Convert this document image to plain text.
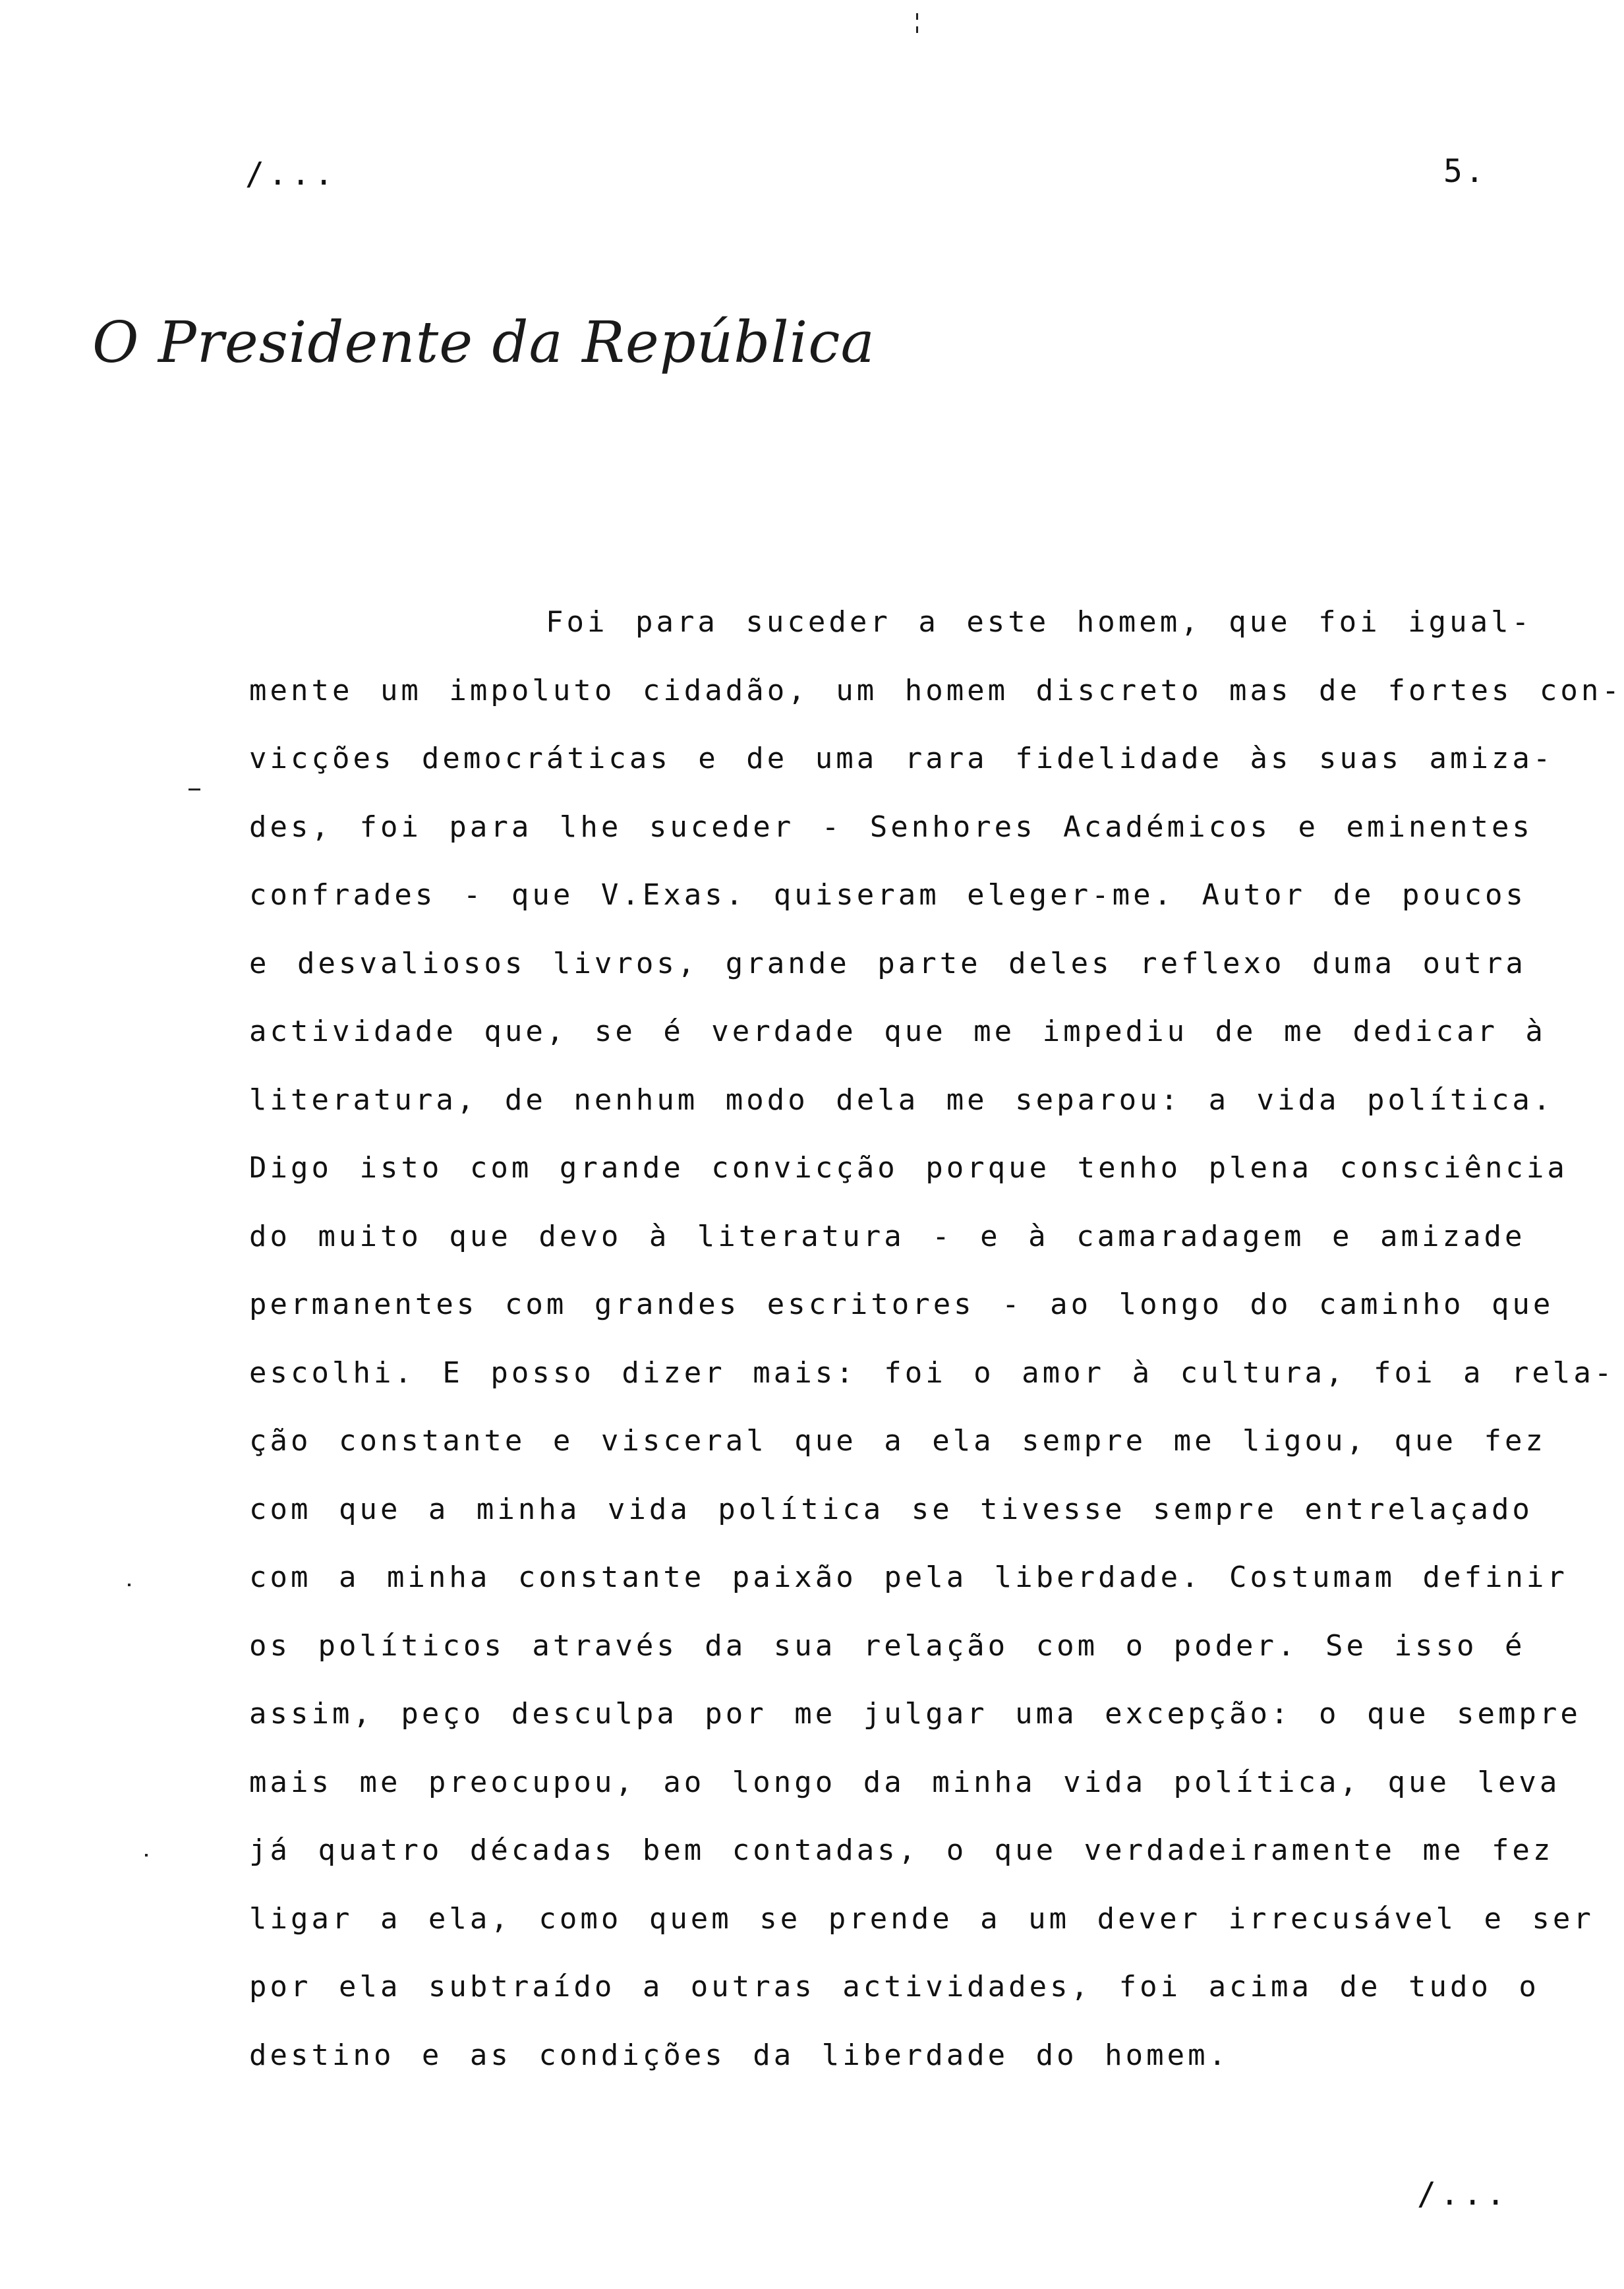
/...	5.
O Presidente da República
Foi para suceder a este homem, que foi igual-
mente um impoluto cidadão, um homem discreto mas de fortes con-
vicções democráticas e de uma rara fidelidade às suas amiza-
des, foi para lhe suceder - Senhores Académicos e eminentes
confrades - que V.Exas. quiseram eleger-me. Autor de poucos
e desvaliosos livros, grande parte deles reflexo duma outra
actividade que, se é verdade que me impediu de me dedicar à
literatura, de nenhum modo dela me separou: a vida política.
Digo isto com grande convicção porque tenho plena consciência
do muito que devo à literatura - e à camaradagem e amizade
permanentes com grandes escritores - ao longo do caminho que
escolhi. E posso dizer mais: foi o amor à cultura, foi a rela-
ção constante e visceral que a ela sempre me ligou, que fez
com que a minha vida política se tivesse sempre entrelaçado
com a minha constante paixão pela liberdade. Costumam definir
os políticos através da sua relação com o poder. Se isso é
assim, peço desculpa por me julgar uma excepção: o que sempre
mais me preocupou, ao longo da minha vida política, que leva
já quatro décadas bem contadas, o que verdadeiramente me fez
ligar a ela, como quem se prende a um dever irrecusável e ser
por ela subtraído a outras actividades, foi acima de tudo o
destino e as condições da liberdade do homem.
/...
